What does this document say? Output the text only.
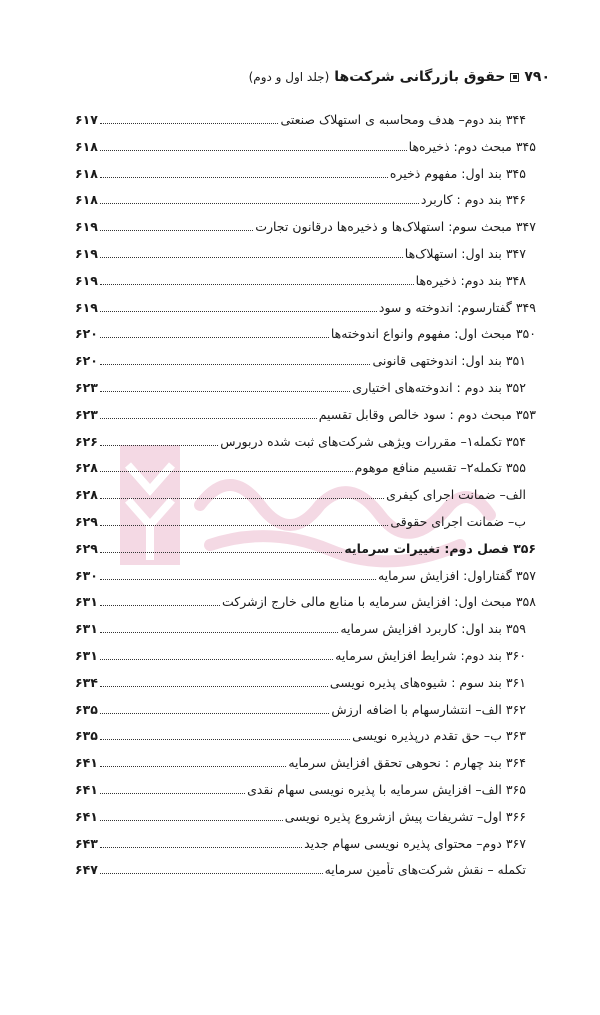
۷۹۰
حقوق بازرگانی شرکت‌ها
(جلد اول و دوم)
۳۴۴ بند دوم– هدف ومحاسبه ی استهلاک صنعتی
۶۱۷
۳۴۵ مبحث دوم: ذخیره‌ها
۶۱۸
۳۴۵ بند اول: مفهوم ذخیره
۶۱۸
۳۴۶ بند دوم : کاربرد
۶۱۸
۳۴۷ مبحث سوم: استهلاک‌ها و ذخیره‌ها درقانون تجارت
۶۱۹
۳۴۷ بند اول: استهلاک‌ها
۶۱۹
۳۴۸ بند دوم: ذخیره‌ها
۶۱۹
۳۴۹ گفتارسوم: اندوخته و سود
۶۱۹
۳۵۰ مبحث اول: مفهوم وانواع اندوخته‌ها
۶۲۰
۳۵۱ بند اول: اندوختهی قانونی
۶۲۰
۳۵۲ بند دوم : اندوخته‌های اختیاری
۶۲۳
۳۵۳ مبحث دوم : سود خالص وقابل تقسیم
۶۲۳
۳۵۴ تکمله۱– مقررات ویژهی شرکت‌های ثبت شده دربورس
۶۲۶
۳۵۵ تکمله۲– تقسیم منافع موهوم
۶۲۸
الف– ضمانت اجرای کیفری
۶۲۸
ب– ضمانت اجرای حقوقی
۶۲۹
۳۵۶ فصل دوم: تغییرات سرمایه
۶۲۹
۳۵۷ گفتاراول: افزایش سرمایه
۶۳۰
۳۵۸ مبحث اول: افزایش سرمایه با منابع مالی خارج ازشرکت
۶۳۱
۳۵۹ بند اول: کاربرد افزایش سرمایه
۶۳۱
۳۶۰ بند دوم: شرایط افزایش سرمایه
۶۳۱
۳۶۱ بند سوم : شیوه‌های پذیره نویسی
۶۳۴
۳۶۲ الف– انتشارسهام با اضافه ارزش
۶۳۵
۳۶۳ ب– حق تقدم درپذیره نویسی
۶۳۵
۳۶۴ بند چهارم : نحوهی تحقق افزایش سرمایه
۶۴۱
۳۶۵ الف– افزایش سرمایه با پذیره نویسی سهام نقدی
۶۴۱
۳۶۶ اول– تشریفات پیش ازشروع پذیره نویسی
۶۴۱
۳۶۷ دوم– محتوای پذیره نویسی سهام جدید
۶۴۳
تکمله – نقش شرکت‌های تأمین سرمایه
۶۴۷
